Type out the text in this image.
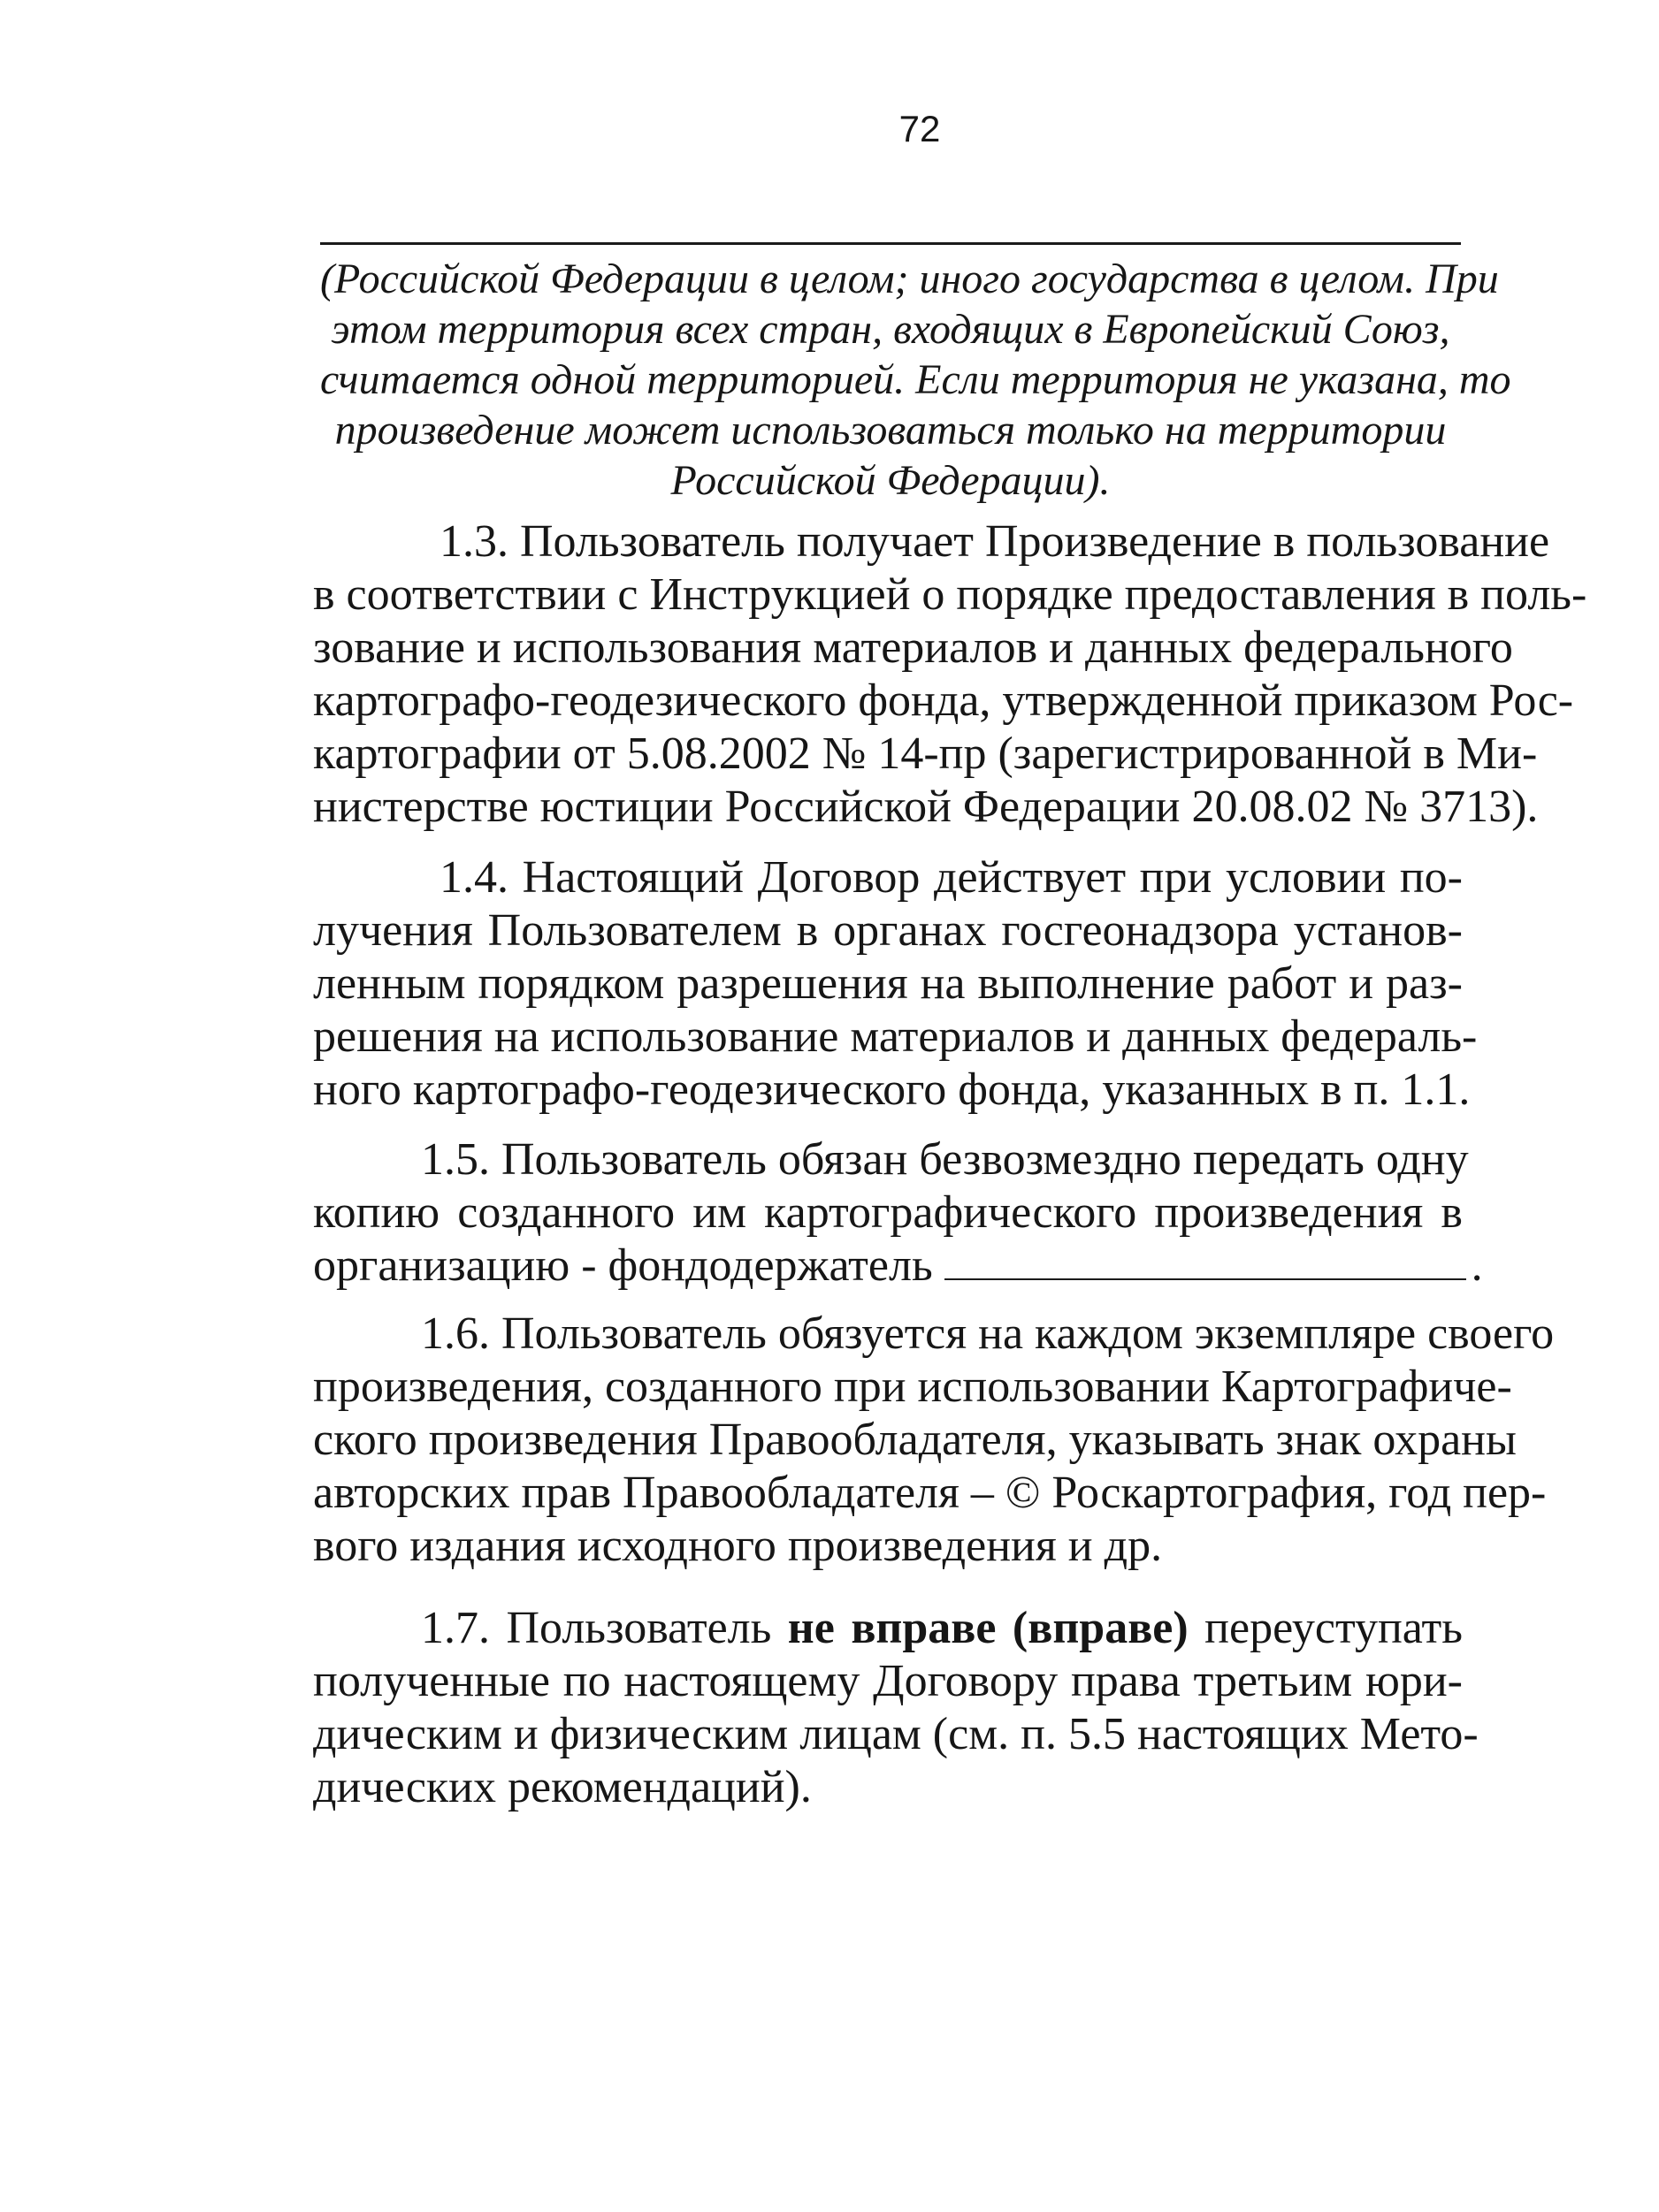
72
(Российской Федерации в целом; иного государства в целом. При
этом территория всех стран, входящих в Европейский Союз,
считается одной территорией. Если территория не указана, то
произведение может использоваться только на территории
Российской Федерации).
1.3. Пользователь получает Произведение в пользование
в соответствии с Инструкцией о порядке предоставления в поль-
зование и использования материалов и данных федерального
картографо-геодезического фонда, утвержденной приказом Рос-
картографии от 5.08.2002 № 14-пр (зарегистрированной в Ми-
нистерстве юстиции Российской Федерации 20.08.02 № 3713).
1.4. Настоящий Договор действует при условии по-
лучения Пользователем в органах госгеонадзора установ-
ленным порядком разрешения на выполнение работ и раз-
решения на использование материалов и данных федераль-
ного картографо-геодезического фонда, указанных в п. 1.1.
1.5. Пользователь обязан безвозмездно передать одну
копию созданного им картографического произведения в
организацию - фондодержатель	.
1.6. Пользователь обязуется на каждом экземпляре своего
произведения, созданного при использовании Картографиче-
ского произведения Правообладателя, указывать знак охраны
авторских прав Правообладателя – © Роскартография, год пер-
вого издания исходного произведения и др.
1.7. Пользователь не вправе (вправе) переуступать
полученные по настоящему Договору права третьим юри-
дическим и физическим лицам (см. п. 5.5 настоящих Мето-
дических рекомендаций).
